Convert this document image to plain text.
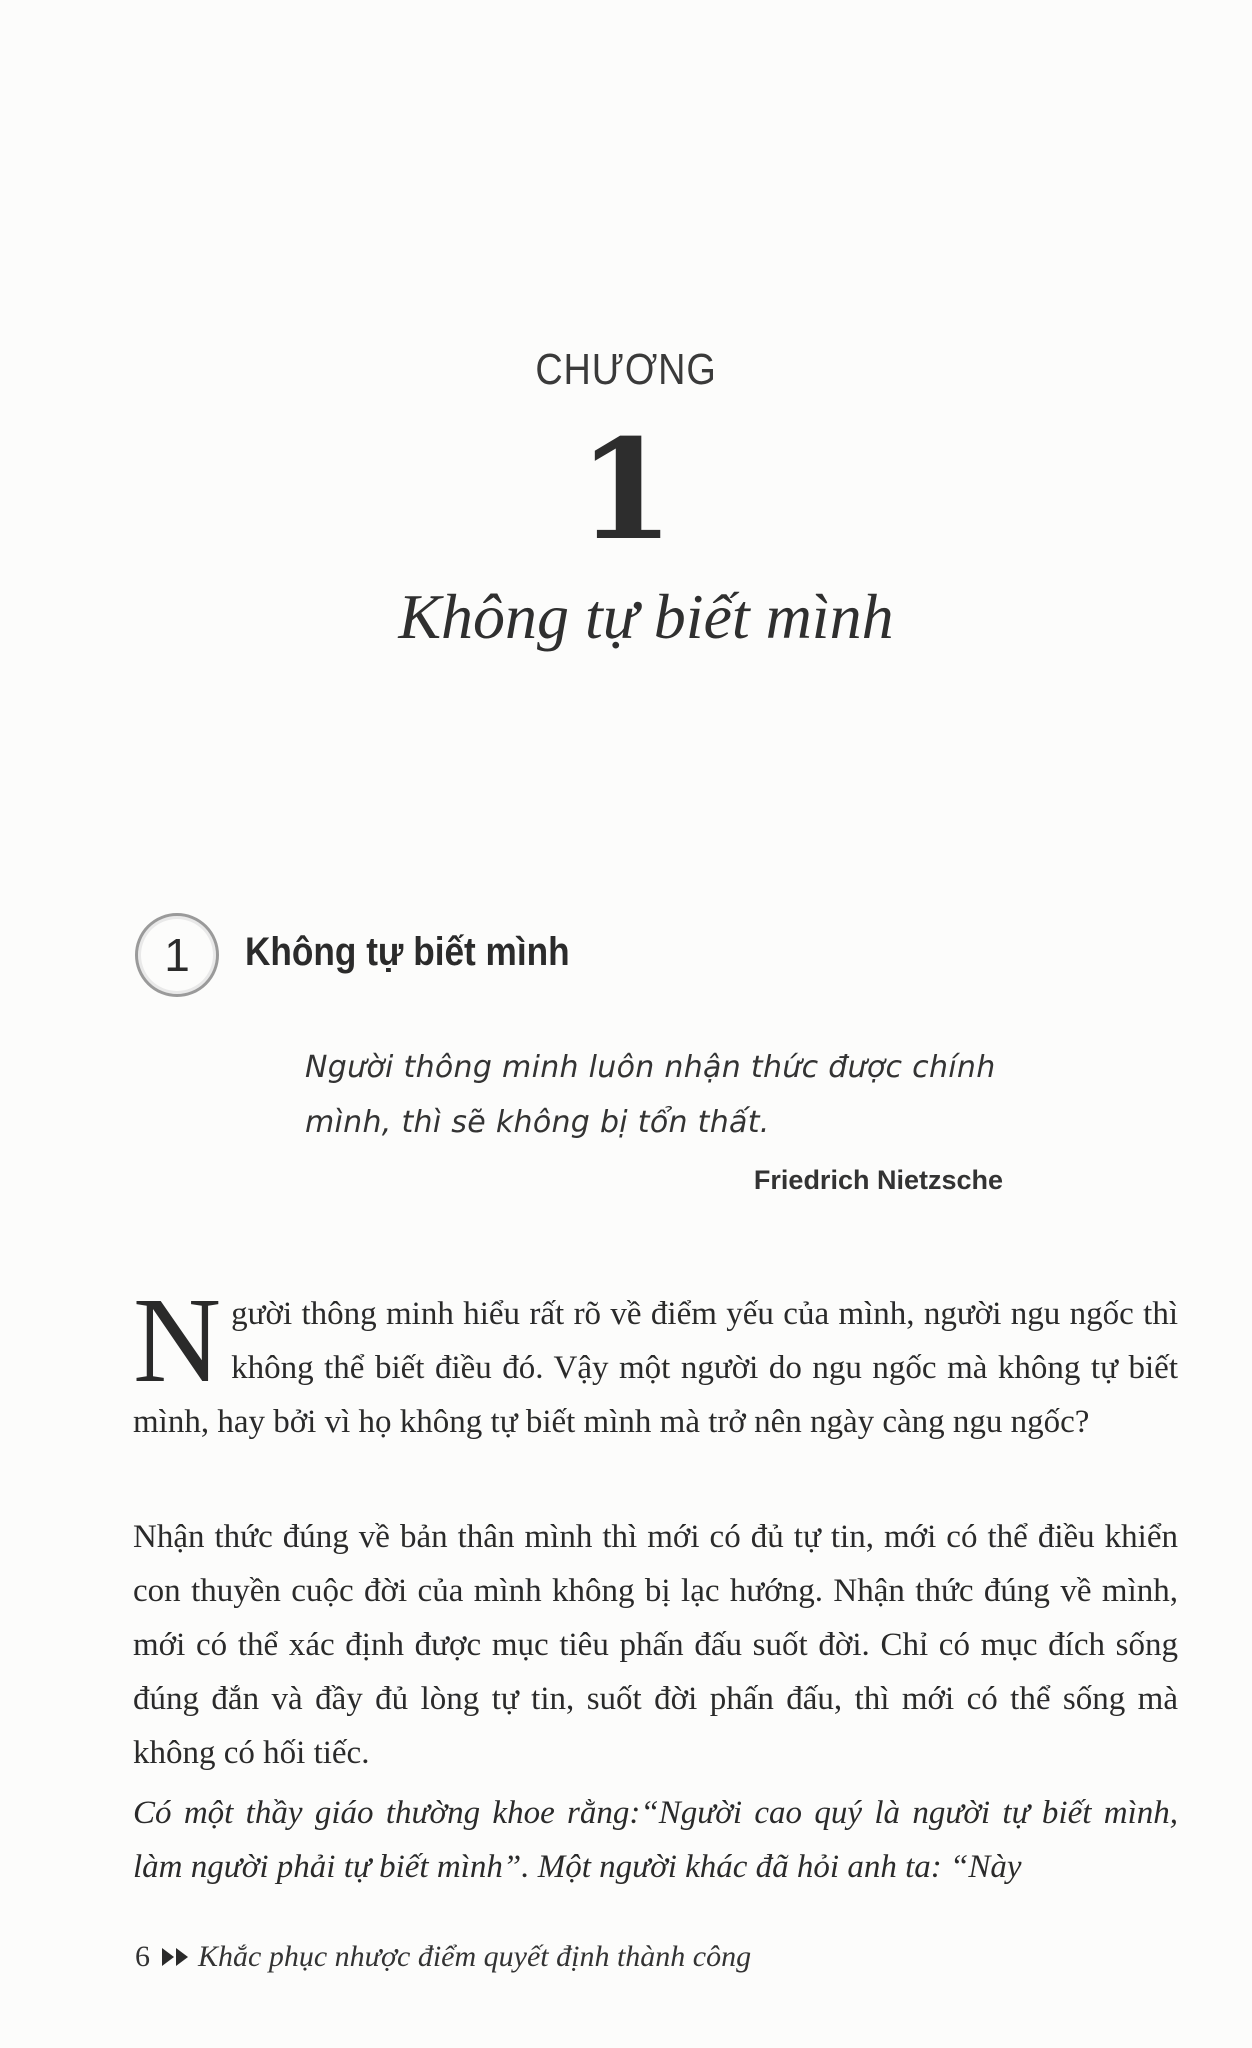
CHƯƠNG
1
Không tự biết mình
1 Không tự biết mình
Người thông minh luôn nhận thức được chính
mình, thì sẽ không bị tổn thất.
Friedrich Nietzsche
Người thông minh hiểu rất rõ về điểm yếu của mình, người ngu ngốc thì không thể biết điều đó. Vậy một người do ngu ngốc mà không tự biết mình, hay bởi vì họ không tự biết mình mà trở nên ngày càng ngu ngốc?
Nhận thức đúng về bản thân mình thì mới có đủ tự tin, mới có thể điều khiển con thuyền cuộc đời của mình không bị lạc hướng. Nhận thức đúng về mình, mới có thể xác định được mục tiêu phấn đấu suốt đời. Chỉ có mục đích sống đúng đắn và đầy đủ lòng tự tin, suốt đời phấn đấu, thì mới có thể sống mà không có hối tiếc.
Có một thầy giáo thường khoe rằng:“Người cao quý là người tự biết mình, làm người phải tự biết mình”. Một người khác đã hỏi anh ta: “Này
6 Khắc phục nhược điểm quyết định thành công
